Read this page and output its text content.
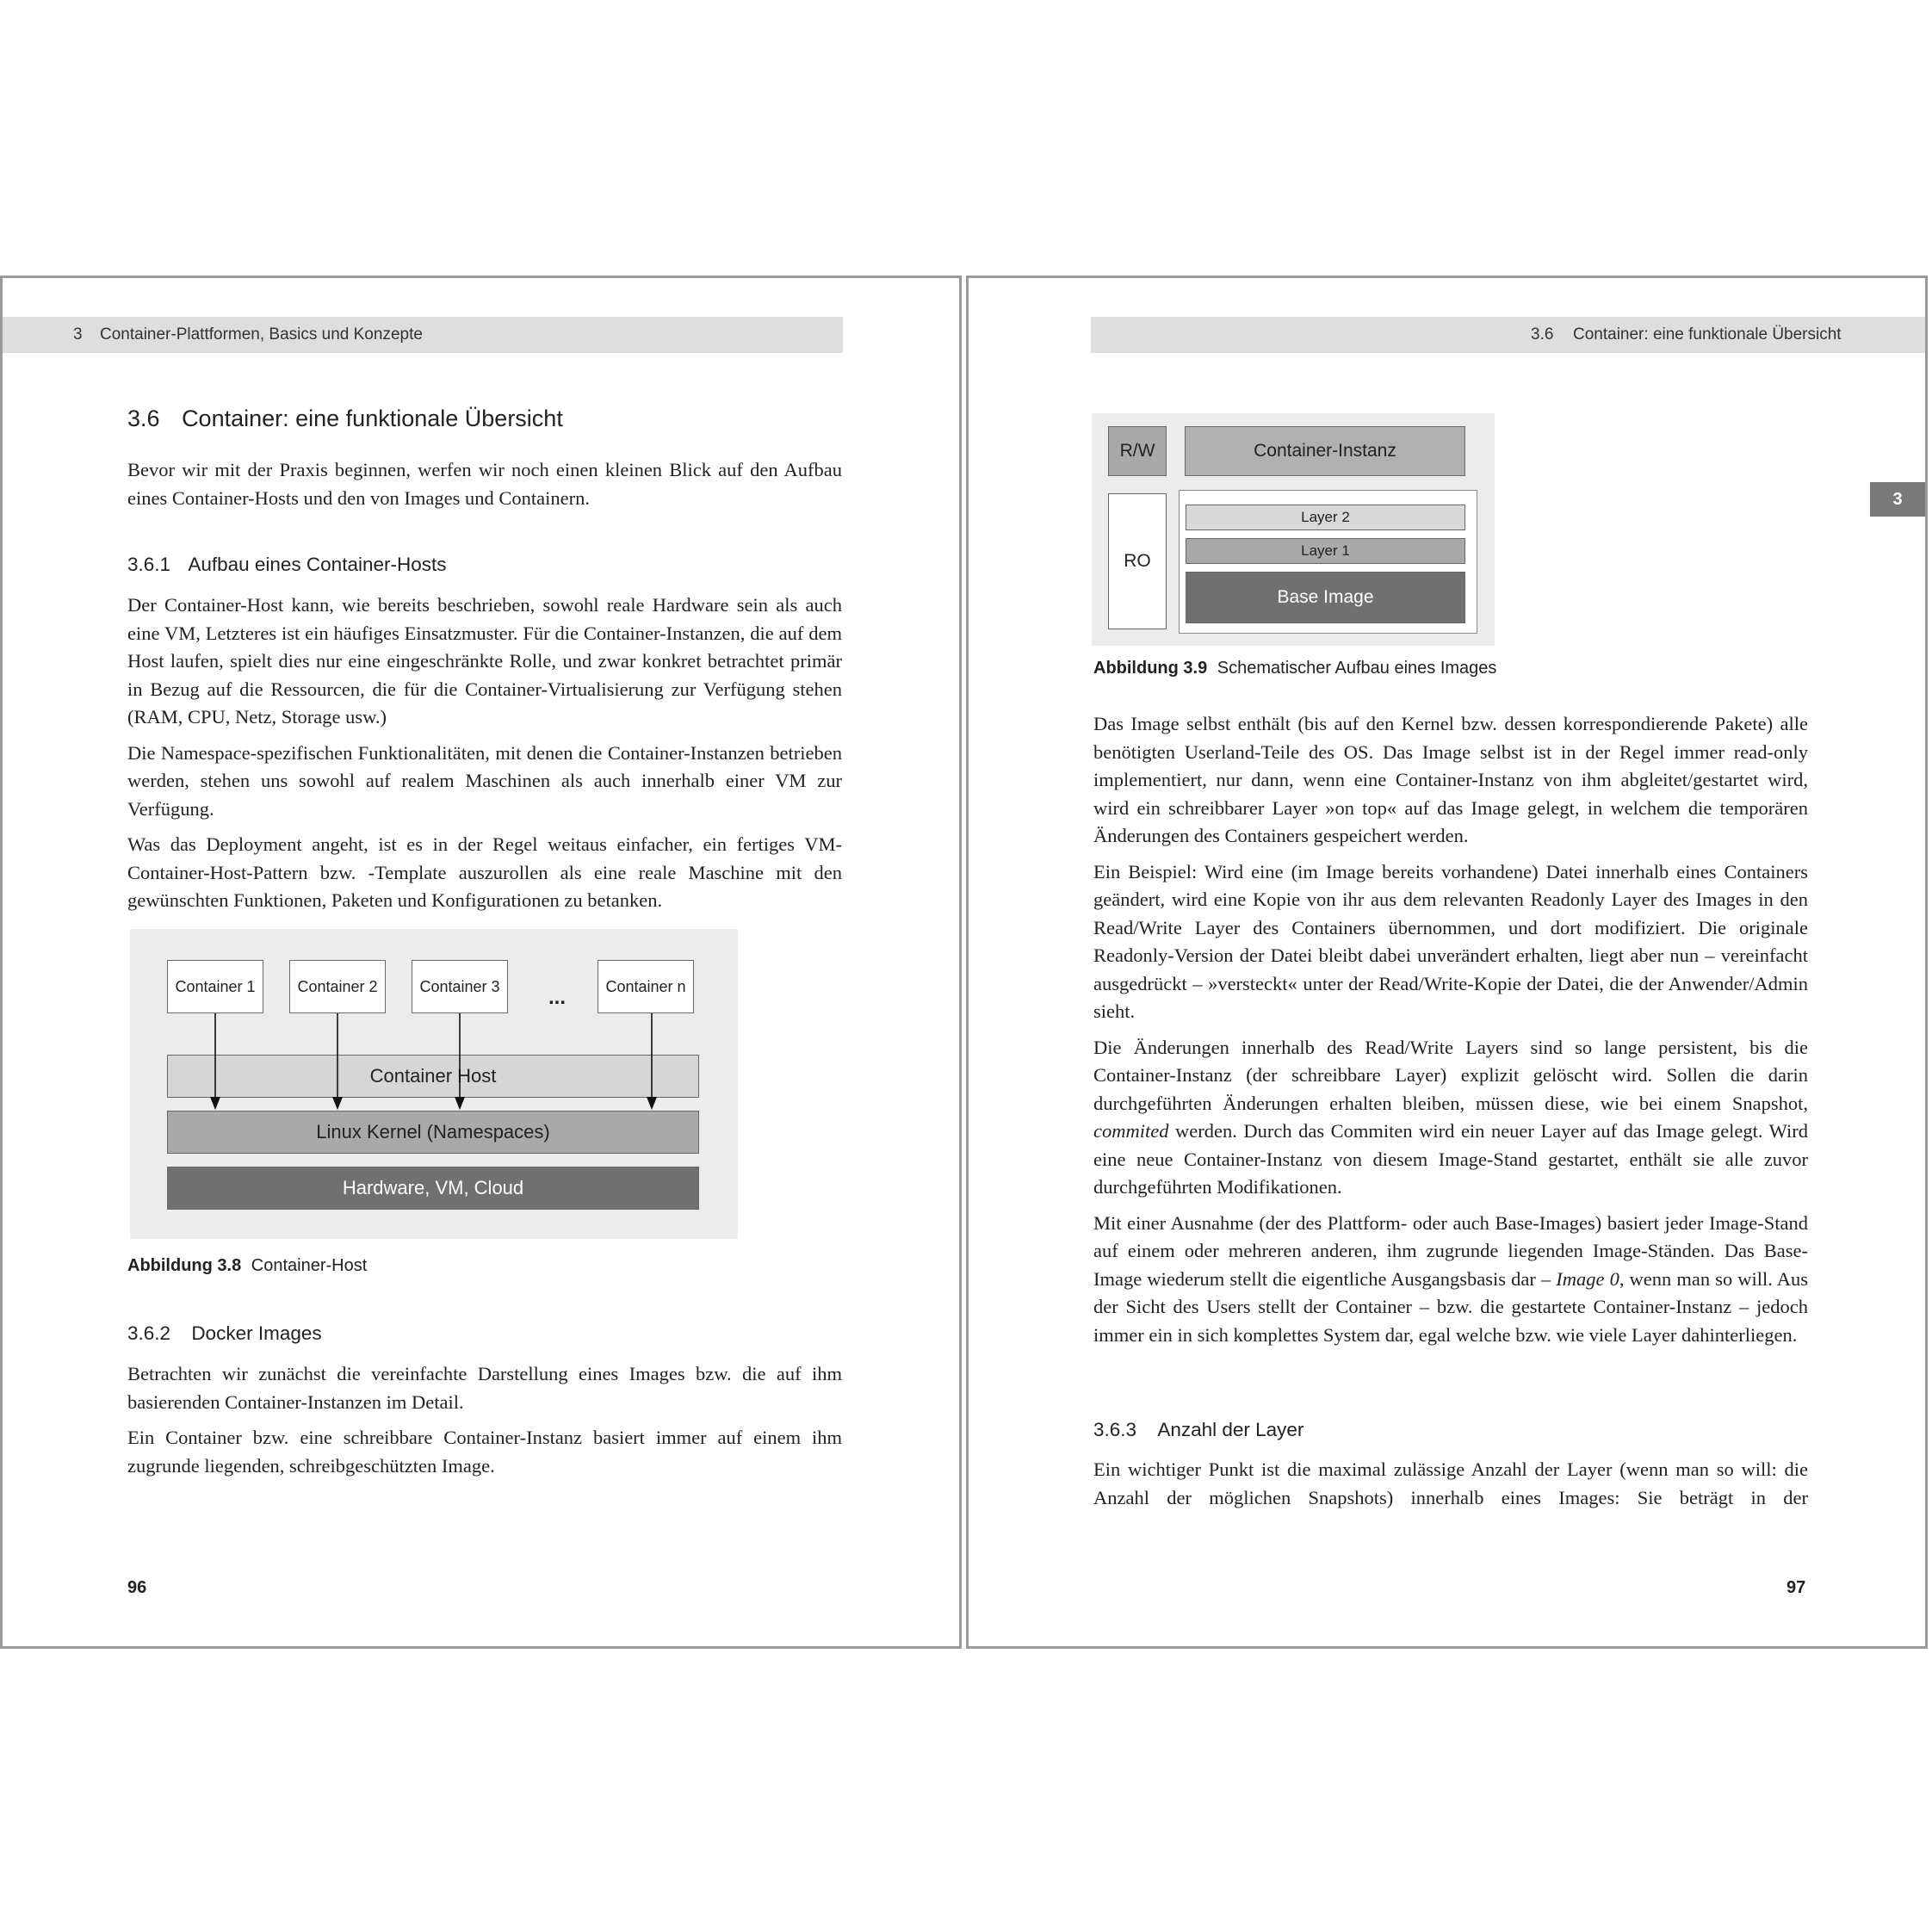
3 Container-Plattformen, Basics und Konzepte
3.6 Container: eine funktionale Übersicht

Bevor wir mit der Praxis beginnen, werfen wir noch einen kleinen Blick auf den Aufbau eines Container-Hosts und den von Images und Containern.

3.6.1 Aufbau eines Container-Hosts

Der Container-Host kann, wie bereits beschrieben, sowohl reale Hardware sein als auch eine VM, Letzteres ist ein häufiges Einsatzmuster. Für die Container-Instanzen, die auf dem Host laufen, spielt dies nur eine eingeschränkte Rolle, und zwar konkret betrachtet primär in Bezug auf die Ressourcen, die für die Container-Virtualisierung zur Verfügung stehen (RAM, CPU, Netz, Storage usw.)

Die Namespace-spezifischen Funktionalitäten, mit denen die Container-Instanzen betrieben werden, stehen uns sowohl auf realem Maschinen als auch innerhalb einer VM zur Verfügung.

Was das Deployment angeht, ist es in der Regel weitaus einfacher, ein fertiges VM-Container-Host-Pattern bzw. -Template auszurollen als eine reale Maschine mit den gewünschten Funktionen, Paketen und Konfigurationen zu betanken.

Container 1	Container 2	Container 3	...	Container n
Container Host
Linux Kernel (Namespaces)
Hardware, VM, Cloud
Abbildung 3.8 Container-Host
3.6.2 Docker Images

Betrachten wir zunächst die vereinfachte Darstellung eines Images bzw. die auf ihm basierenden Container-Instanzen im Detail.

Ein Container bzw. eine schreibbare Container-Instanz basiert immer auf einem ihm zugrunde liegenden, schreibgeschützten Image.

96
3.6 Container: eine funktionale Übersicht
3
R/W	Container-Instanz
RO
Layer 2
Layer 1
Base Image
Abbildung 3.9 Schematischer Aufbau eines Images

Das Image selbst enthält (bis auf den Kernel bzw. dessen korrespondierende Pakete) alle benötigten Userland-Teile des OS. Das Image selbst ist in der Regel immer read-only implementiert, nur dann, wenn eine Container-Instanz von ihm abgleitet/gestartet wird, wird ein schreibbarer Layer »on top« auf das Image gelegt, in welchem die temporären Änderungen des Containers gespeichert werden.

Ein Beispiel: Wird eine (im Image bereits vorhandene) Datei innerhalb eines Containers geändert, wird eine Kopie von ihr aus dem relevanten Readonly Layer des Images in den Read/Write Layer des Containers übernommen, und dort modifiziert. Die originale Readonly-Version der Datei bleibt dabei unverändert erhalten, liegt aber nun – vereinfacht ausgedrückt – »versteckt« unter der Read/Write-Kopie der Datei, die der Anwender/Admin sieht.

Die Änderungen innerhalb des Read/Write Layers sind so lange persistent, bis die Container-Instanz (der schreibbare Layer) explizit gelöscht wird. Sollen die darin durchgeführten Änderungen erhalten bleiben, müssen diese, wie bei einem Snapshot, commited werden. Durch das Commiten wird ein neuer Layer auf das Image gelegt. Wird eine neue Container-Instanz von diesem Image-Stand gestartet, enthält sie alle zuvor durchgeführten Modifikationen.

Mit einer Ausnahme (der des Plattform- oder auch Base-Images) basiert jeder Image-Stand auf einem oder mehreren anderen, ihm zugrunde liegenden Image-Ständen. Das Base-Image wiederum stellt die eigentliche Ausgangsbasis dar – Image 0, wenn man so will. Aus der Sicht des Users stellt der Container – bzw. die gestartete Container-Instanz – jedoch immer ein in sich komplettes System dar, egal welche bzw. wie viele Layer dahinterliegen.

3.6.3 Anzahl der Layer

Ein wichtiger Punkt ist die maximal zulässige Anzahl der Layer (wenn man so will: die Anzahl der möglichen Snapshots) innerhalb eines Images: Sie beträgt in der

97
